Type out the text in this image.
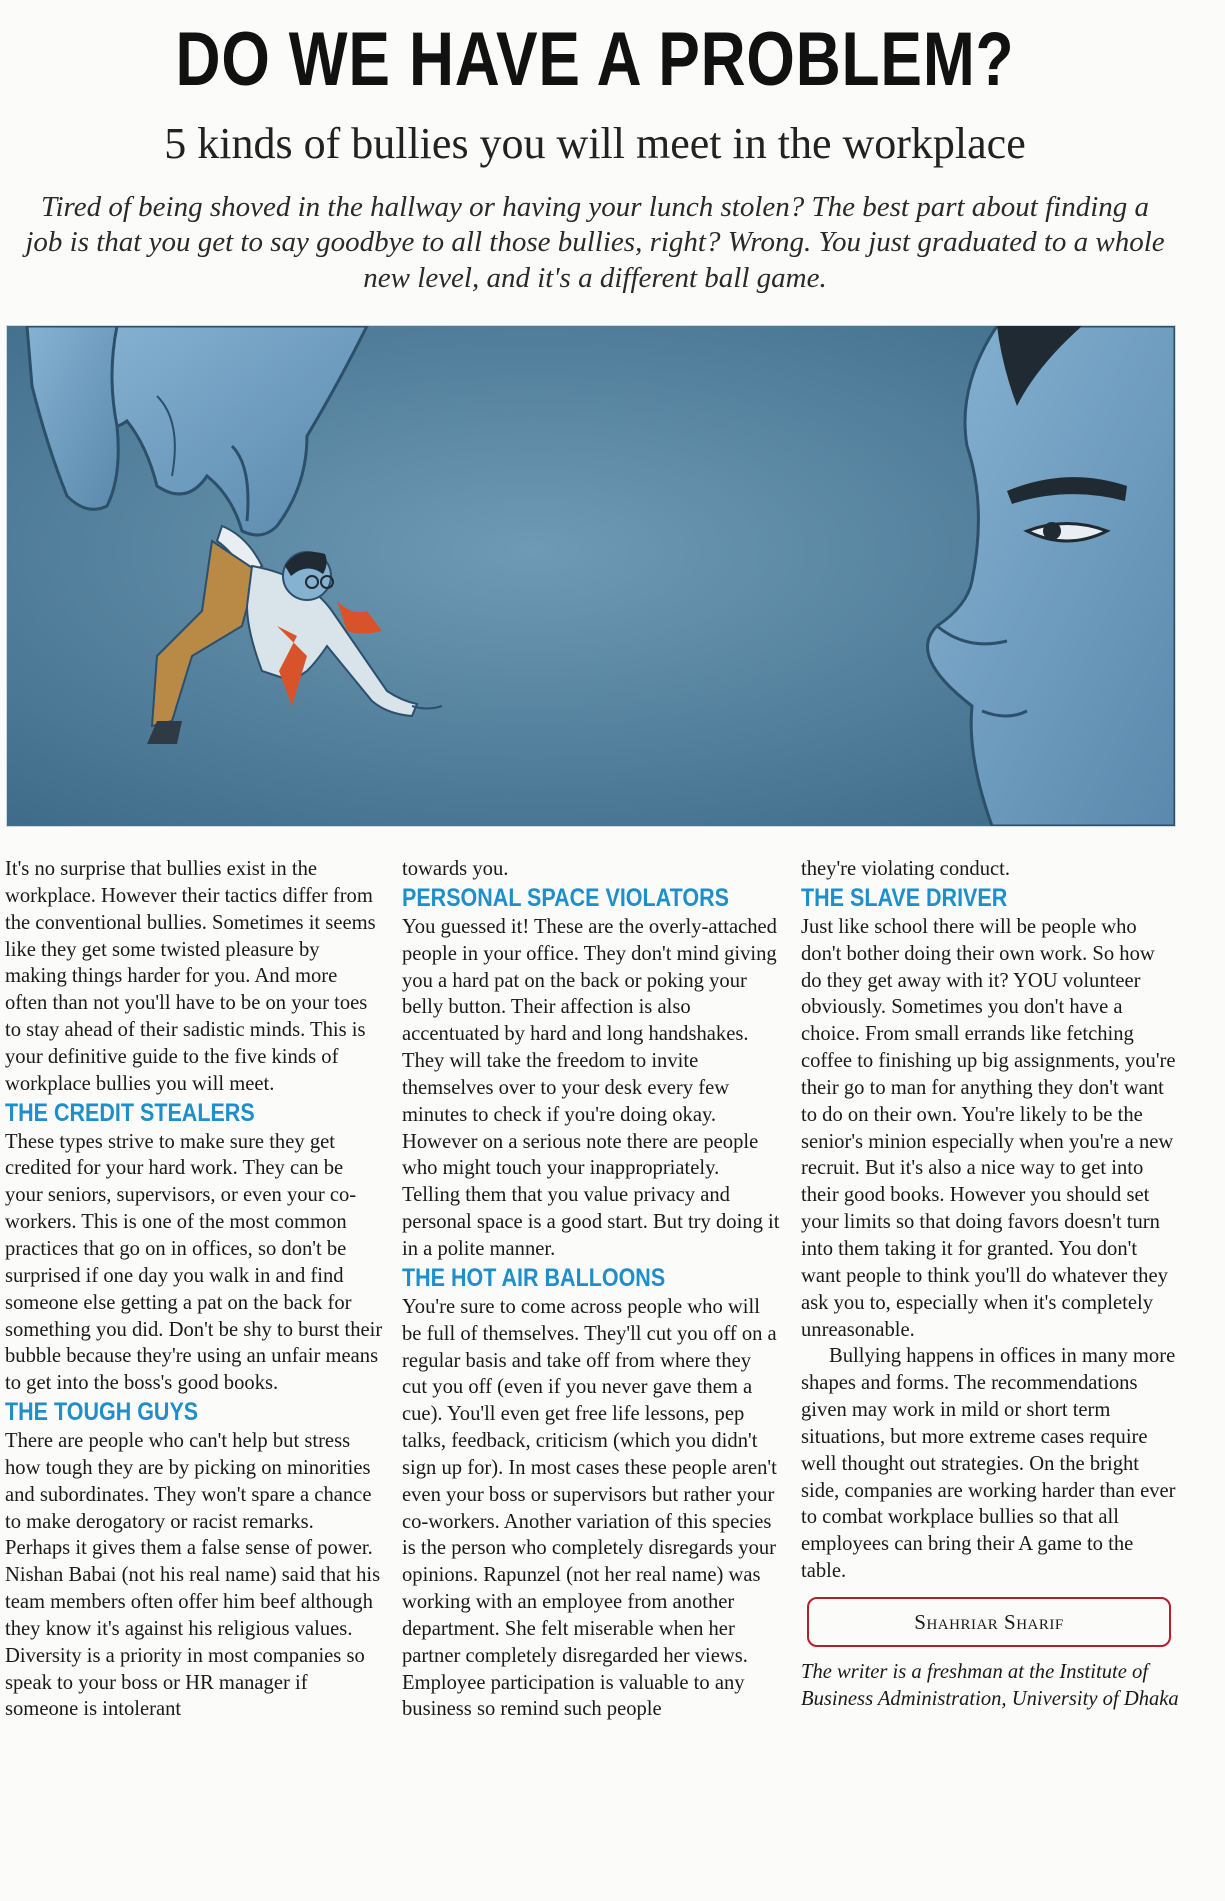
DO WE HAVE A PROBLEM?
5 kinds of bullies you will meet in the workplace
Tired of being shoved in the hallway or having your lunch stolen? The best part about finding a job is that you get to say goodbye to all those bullies, right? Wrong. You just graduated to a whole new level, and it's a different ball game.

It's no surprise that bullies exist in the workplace. However their tactics differ from the conventional bullies. Sometimes it seems like they get some twisted pleasure by making things harder for you. And more often than not you'll have to be on your toes to stay ahead of their sadistic minds. This is your definitive guide to the five kinds of workplace bullies you will meet.

THE CREDIT STEALERS

These types strive to make sure they get credited for your hard work. They can be your seniors, supervisors, or even your co-workers. This is one of the most common practices that go on in offices, so don't be surprised if one day you walk in and find someone else getting a pat on the back for something you did. Don't be shy to burst their bubble because they're using an unfair means to get into the boss's good books.

THE TOUGH GUYS

There are people who can't help but stress how tough they are by picking on minorities and subordinates. They won't spare a chance to make derogatory or racist remarks. Perhaps it gives them a false sense of power. Nishan Babai (not his real name) said that his team members often offer him beef although they know it's against his religious values. Diversity is a priority in most companies so speak to your boss or HR manager if someone is intolerant

towards you.

PERSONAL SPACE VIOLATORS

You guessed it! These are the overly-attached people in your office. They don't mind giving you a hard pat on the back or poking your belly button. Their affection is also accentuated by hard and long handshakes. They will take the freedom to invite themselves over to your desk every few minutes to check if you're doing okay. However on a serious note there are people who might touch your inappropriately. Telling them that you value privacy and personal space is a good start. But try doing it in a polite manner.

THE HOT AIR BALLOONS

You're sure to come across people who will be full of themselves. They'll cut you off on a regular basis and take off from where they cut you off (even if you never gave them a cue). You'll even get free life lessons, pep talks, feedback, criticism (which you didn't sign up for). In most cases these people aren't even your boss or supervisors but rather your co-workers. Another variation of this species is the person who completely disregards your opinions. Rapunzel (not her real name) was working with an employee from another department. She felt miserable when her partner completely disregarded her views. Employee participation is valuable to any business so remind such people

they're violating conduct.

THE SLAVE DRIVER

Just like school there will be people who don't bother doing their own work. So how do they get away with it? YOU volunteer obviously. Sometimes you don't have a choice. From small errands like fetching coffee to finishing up big assignments, you're their go to man for anything they don't want to do on their own. You're likely to be the senior's minion especially when you're a new recruit. But it's also a nice way to get into their good books. However you should set your limits so that doing favors doesn't turn into them taking it for granted. You don't want people to think you'll do whatever they ask you to, especially when it's completely unreasonable.

Bullying happens in offices in many more shapes and forms. The recommendations given may work in mild or short term situations, but more extreme cases require well thought out strategies. On the bright side, companies are working harder than ever to combat workplace bullies so that all employees can bring their A game to the table.

Shahriar Sharif

The writer is a freshman at the Institute of Business Administration, University of Dhaka
